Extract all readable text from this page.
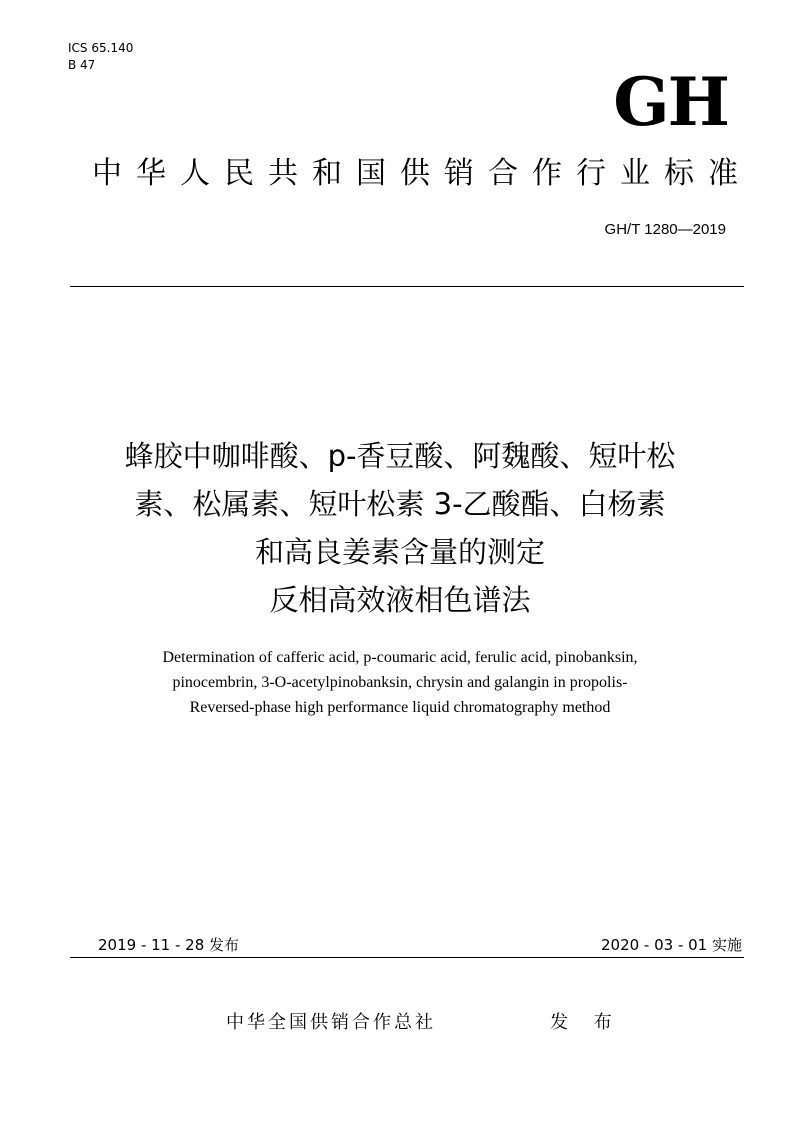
ICS 65.140
B 47	GH
中华人民共和国供销合作行业标准
GH/T 1280—2019
蜂胶中咖啡酸、p-香豆酸、阿魏酸、短叶松
素、松属素、短叶松素 3-乙酸酯、白杨素
和高良姜素含量的测定
反相高效液相色谱法
Determination of cafferic acid, p-coumaric acid, ferulic acid, pinobanksin,
pinocembrin, 3-O-acetylpinobanksin, chrysin and galangin in propolis-
Reversed-phase high performance liquid chromatography method
2019 - 11 - 28 发布	2020 - 03 - 01 实施
中华全国供销合作总社	发 布
